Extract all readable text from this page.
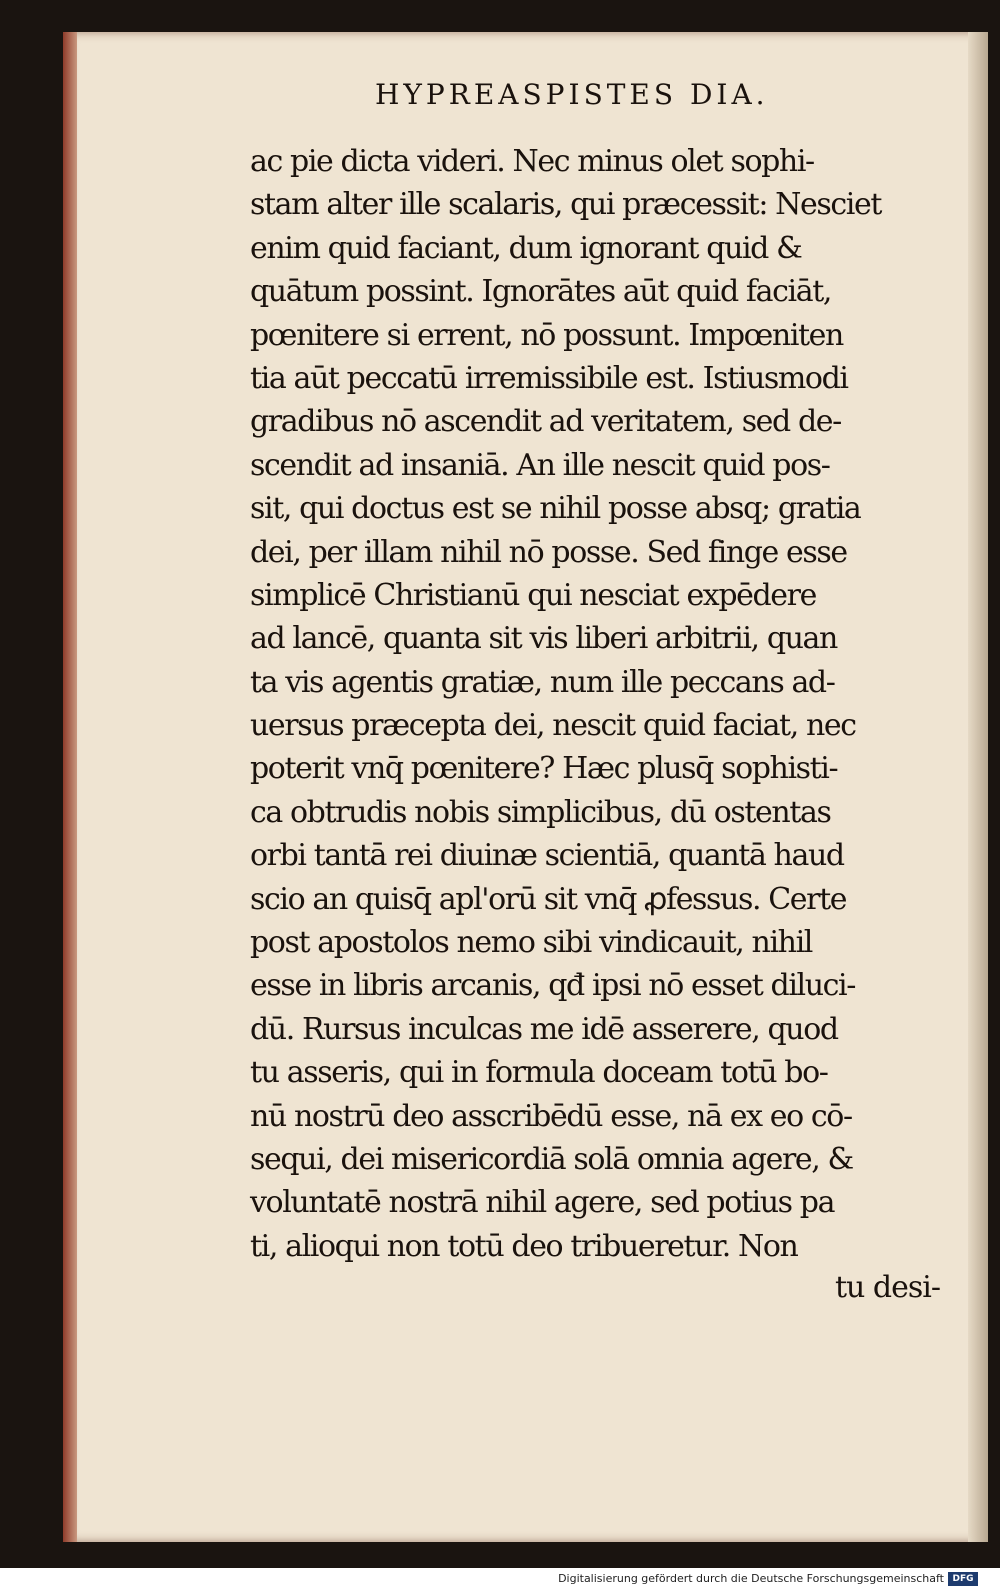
HYPREASPISTES DIA.
ac pie dicta videri. Nec minus olet sophi-
stam alter ille scalaris, qui præcessit: Nesciet
enim quid faciant, dum ignorant quid &
quātum possint. Ignorātes aūt quid faciāt,
pœnitere si errent, nō possunt. Impœniten
tia aūt peccatū irremissibile est. Istiusmodi
gradibus nō ascendit ad veritatem, sed de-
scendit ad insaniā. An ille nescit quid pos-
sit, qui doctus est se nihil posse absq; gratia
dei, per illam nihil nō posse. Sed finge esse
simplicē Christianū qui nesciat expēdere
ad lancē, quanta sit vis liberi arbitrii, quan
ta vis agentis gratiæ, num ille peccans ad-
uersus præcepta dei, nescit quid faciat, nec
poterit vnq̄ pœnitere? Hæc plusq̄ sophisti-
ca obtrudis nobis simplicibus, dū ostentas
orbi tantā rei diuinæ scientiā, quantā haud
scio an quisq̄ apl'orū sit vnq̄ ꝓfessus. Certe
post apostolos nemo sibi vindicauit, nihil
esse in libris arcanis, qđ ipsi nō esset diluci-
dū. Rursus inculcas me idē asserere, quod
tu asseris, qui in formula doceam totū bo-
nū nostrū deo asscribēdū esse, nā ex eo cō-
sequi, dei misericordiā solā omnia agere, &
voluntatē nostrā nihil agere, sed potius pa
ti, alioqui non totū deo tribueretur. Non
tu desi-
Digitalisierung gefördert durch die Deutsche Forschungsgemeinschaft DFG
